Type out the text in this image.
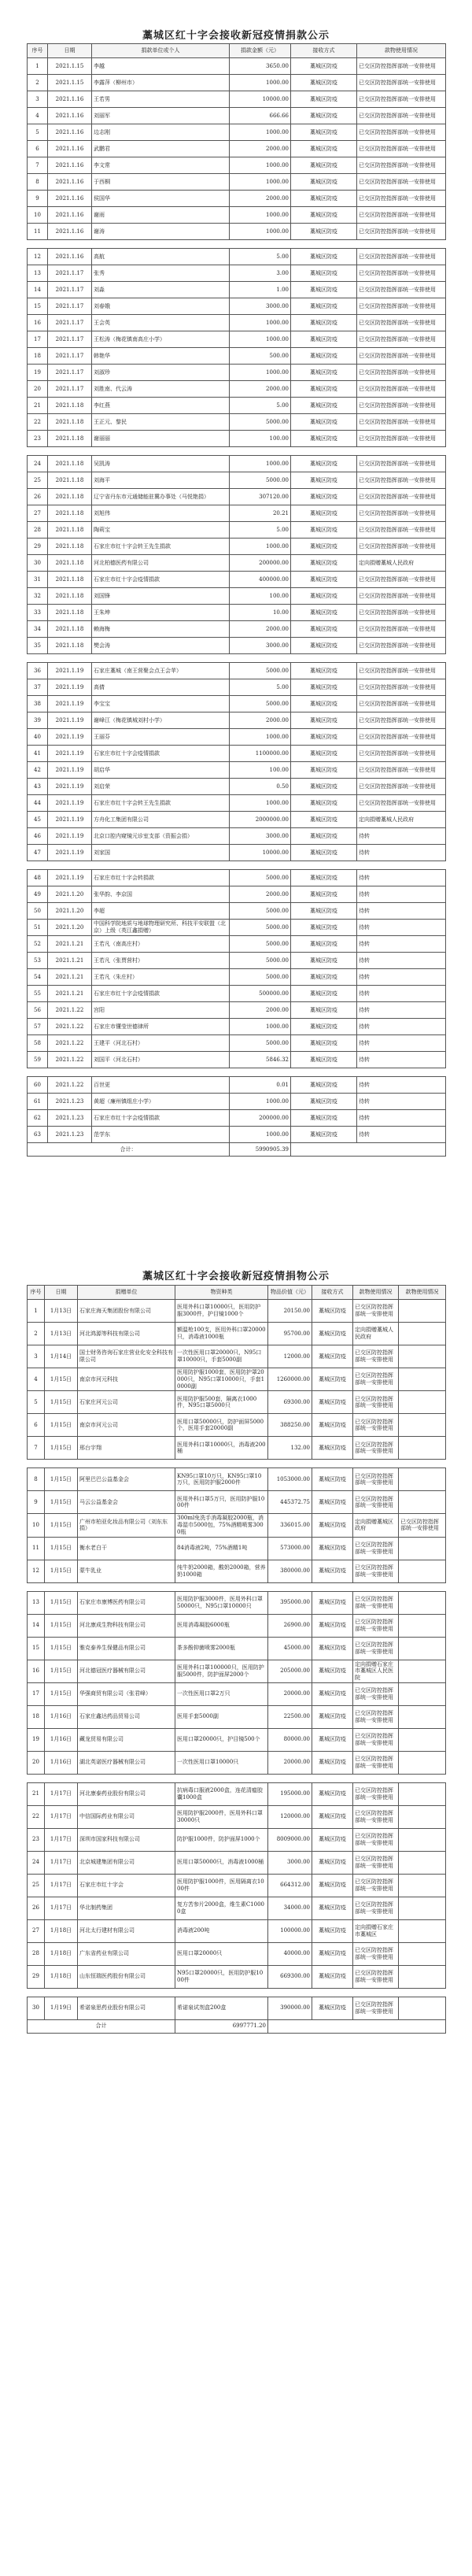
藁城区红十字会接收新冠疫情捐款公示
序号	日期	捐款单位或个人	捐款金额（元）	接收方式	款物使用情况
1	2021.1.15	李越	3650.00	藁城区防疫	已交区防控指挥部统一安排使用
2	2021.1.15	李露萍（柳州市）	1000.00	藁城区防疫	已交区防控指挥部统一安排使用
3	2021.1.16	王若男	10000.00	藁城区防疫	已交区防控指挥部统一安排使用
4	2021.1.16	刘丽军	666.66	藁城区防疫	已交区防控指挥部统一安排使用
5	2021.1.16	边志刚	1000.00	藁城区防疫	已交区防控指挥部统一安排使用
6	2021.1.16	武鹏君	2000.00	藁城区防疫	已交区防控指挥部统一安排使用
7	2021.1.16	李文常	1000.00	藁城区防疫	已交区防控指挥部统一安排使用
8	2021.1.16	于西桐	1000.00	藁城区防疫	已交区防控指挥部统一安排使用
9	2021.1.16	侯国华	2000.00	藁城区防疫	已交区防控指挥部统一安排使用
10	2021.1.16	谢雨	1000.00	藁城区防疫	已交区防控指挥部统一安排使用
11	2021.1.16	谢涛	1000.00	藁城区防疫	已交区防控指挥部统一安排使用

12	2021.1.16	高航	5.00	藁城区防疫	已交区防控指挥部统一安排使用
13	2021.1.17	张秀	3.00	藁城区防疫	已交区防控指挥部统一安排使用
14	2021.1.17	刘淼	1.00	藁城区防疫	已交区防控指挥部统一安排使用
15	2021.1.17	刘春娥	3000.00	藁城区防疫	已交区防控指挥部统一安排使用
16	2021.1.17	王会英	1000.00	藁城区防疫	已交区防控指挥部统一安排使用
17	2021.1.17	王松涛（梅花镇南高庄小学）	1000.00	藁城区防疫	已交区防控指挥部统一安排使用
18	2021.1.17	韩艳华	500.00	藁城区防疫	已交区防控指挥部统一安排使用
19	2021.1.17	刘淑珍	1000.00	藁城区防疫	已交区防控指挥部统一安排使用
20	2021.1.17	刘胜南、代云涛	2000.00	藁城区防疫	已交区防控指挥部统一安排使用
21	2021.1.18	李红燕	5.00	藁城区防疫	已交区防控指挥部统一安排使用
22	2021.1.18	王正元、黎民	5000.00	藁城区防疫	已交区防控指挥部统一安排使用
23	2021.1.18	谢丽丽	100.00	藁城区防疫	已交区防控指挥部统一安排使用

24	2021.1.18	吴凯涛	1000.00	藁城区防疫	已交区防控指挥部统一安排使用
25	2021.1.18	刘海平	5000.00	藁城区防疫	已交区防控指挥部统一安排使用
26	2021.1.18	辽宁省丹东市元通储能驻冀办事处（马悦艳捐）	307120.00	藁城区防疫	已交区防控指挥部统一安排使用
27	2021.1.18	刘旭伟	20.21	藁城区防疫	已交区防控指挥部统一安排使用
28	2021.1.18	陶莉宝	5.00	藁城区防疫	已交区防控指挥部统一安排使用
29	2021.1.18	石家庄市红十字会转王先生捐款	1000.00	藁城区防疫	已交区防控指挥部统一安排使用
30	2021.1.18	河北柏德医药有限公司	200000.00	藁城区防疫	定向捐赠藁城人民政府
31	2021.1.18	石家庄市红十字会疫情捐款	400000.00	藁城区防疫	已交区防控指挥部统一安排使用
32	2021.1.18	刘国锋	100.00	藁城区防疫	已交区防控指挥部统一安排使用
33	2021.1.18	王朱坤	10.00	藁城区防疫	已交区防控指挥部统一安排使用
34	2021.1.18	赖海梅	2000.00	藁城区防疫	已交区防控指挥部统一安排使用
35	2021.1.18	樊会涛	3000.00	藁城区防疫	已交区防控指挥部统一安排使用

36	2021.1.19	石家庄藁城（南王营聚会点王会苹）	5000.00	藁城区防疫	已交区防控指挥部统一安排使用
37	2021.1.19	高倩	5.00	藁城区防疫	已交区防控指挥部统一安排使用
38	2021.1.19	李宝宝	5000.00	藁城区防疫	已交区防控指挥部统一安排使用
39	2021.1.19	谢峰江（梅花镇城刘村小学）	2000.00	藁城区防疫	已交区防控指挥部统一安排使用
40	2021.1.19	王丽芬	1000.00	藁城区防疫	已交区防控指挥部统一安排使用
41	2021.1.19	石家庄市红十字会疫情捐款	1100000.00	藁城区防疫	已交区防控指挥部统一安排使用
42	2021.1.19	胡启华	100.00	藁城区防疫	已交区防控指挥部统一安排使用
43	2021.1.19	刘启荣	0.50	藁城区防疫	已交区防控指挥部统一安排使用
44	2021.1.19	石家庄市红十字会转王先生捐款	1000.00	藁城区防疫	已交区防控指挥部统一安排使用
45	2021.1.19	方舟化工集团有限公司	2000000.00	藁城区防疫	定向捐赠藁城人民政府
46	2021.1.19	北京口腔内窥镜元诊室支部（资振会捐）	3000.00	藁城区防疫	待转
47	2021.1.19	刘家国	10000.00	藁城区防疫	待转

48	2021.1.19	石家庄市红十字会转捐款	5000.00	藁城区防疫	待转
49	2021.1.20	张华韵、李京国	2000.00	藁城区防疫	待转
50	2021.1.20	李超	5000.00	藁城区防疫	待转
51	2021.1.20	中国科学院地质与地球物理研究所、科技平安联盟（北京）上级（英江鑫捐赠）	5000.00	藁城区防疫	待转
52	2021.1.21	王若凡（南高庄村）	5000.00	藁城区防疫	待转
53	2021.1.21	王若凡（张贾营村）	5000.00	藁城区防疫	待转
54	2021.1.21	王若凡（朱庄村）	5000.00	藁城区防疫	待转
55	2021.1.21	石家庄市红十字会疫情捐款	500000.00	藁城区防疫	待转
56	2021.1.22	宫阳	2000.00	藁城区防疫	待转
57	2021.1.22	石家庄市懂莹世德律所	1000.00	藁城区防疫	待转
58	2021.1.22	王建平（河北石村）	5000.00	藁城区防疫	待转
59	2021.1.22	刘国平（河北石村）	5846.32	藁城区防疫	待转

60	2021.1.22	百世更	0.01	藁城区防疫	待转
61	2021.1.23	黄超（廉州镇组庄小学）	1000.00	藁城区防疫	待转
62	2021.1.23	石家庄市红十字会疫情捐款	200000.00	藁城区防疫	待转
63	2021.1.23	范学东	1000.00	藁城区防疫	待转
合计：			5990905.39		
藁城区红十字会接收新冠疫情捐物公示
序号	日期	捐赠单位	物资种类	物品价值（元）	接收方式	款物使用情况	款物使用情况
1	1月13日	石家庄海天集团股份有限公司	医用外科口罩10000只，医用防护服3000件，护目镜1000个	20150.00	藁城区防疫	已交区防控指挥部统一安排使用	
2	1月13日	河北鸿源等科技有限公司	额温枪100支，医用外科口罩20000只，消毒液1000瓶	95700.00	藁城区防疫	定向捐赠藁城人民政府	
3	1月14日	国士财务咨询石家庄营业化安全科技有限公司	一次性医用口罩20000只，N95口罩10000只，手套5000副	12000.00	藁城区防疫	已交区防控指挥部统一安排使用	
4	1月15日	南京市河元科技	医用防护服1000套，医用防护罩20000只，N95口罩10000只，手套10000副	1260000.00	藁城区防疫	已交区防控指挥部统一安排使用	
5	1月15日	石家庄河元公司	医用防护服500套，隔离衣1000件，N95口罩5000只	69300.00	藁城区防疫	已交区防控指挥部统一安排使用	
6	1月15日	南京市河元公司	医用口罩50000只，防护面屏5000个，医用手套20000副	388250.00	藁城区防疫	已交区防控指挥部统一安排使用	
7	1月15日	邢台宇翔	医用外科口罩10000只，消毒液200桶	132.00	藁城区防疫	已交区防控指挥部统一安排使用	

8	1月15日	阿里巴巴公益基金会	KN95口罩10万只，KN95口罩10万只，医用防护服2000件	1053000.00	藁城区防疫	已交区防控指挥部统一安排使用	
9	1月15日	马云公益基金会	医用外科口罩5万只，医用防护服1000件	445372.75	藁城区防疫	已交区防控指挥部统一安排使用	
10	1月15日	广州市柏亚化妆品有限公司（刘东东捐）	300ml免洗手消毒凝胶2000瓶，消毒湿巾5000包，75%酒精喷雾3000瓶	336015.00	藁城区防疫	定向捐赠藁城区政府	已交区防控指挥部统一安排使用
11	1月15日	衡水老白干	84消毒液2吨，75%酒精1吨	573000.00	藁城区防疫	已交区防控指挥部统一安排使用	
12	1月15日	蒙牛乳业	纯牛奶2000箱，酸奶2000箱，营养奶1000箱	380000.00	藁城区防疫	已交区防控指挥部统一安排使用	

13	1月15日	石家庄市康博医药有限公司	医用防护服3000件，医用外科口罩50000只，N95口罩10000只	395000.00	藁城区防疫	已交区防控指挥部统一安排使用	
14	1月15日	河北康成生物科技有限公司	医用消毒凝胶6000瓶	26900.00	藁城区防疫	已交区防控指挥部统一安排使用	
15	1月15日	雅克泰养生保健品有限公司	茶多酚抑菌喷雾2000瓶	45000.00	藁城区防疫	已交区防控指挥部统一安排使用	
16	1月15日	河北德冠医疗器械有限公司	医用外科口罩100000只，医用防护服5000件，防护面屏2000个	205000.00	藁城区防疫	定向捐赠石家庄市藁城区人民医院	
17	1月15日	华强商贸有限公司（张君峰）	一次性医用口罩2万只	20000.00	藁城区防疫	已交区防控指挥部统一安排使用	
18	1月16日	石家庄鑫达药品贸易公司	医用手套5000副	22500.00	藁城区防疫	已交区防控指挥部统一安排使用	
19	1月16日	藏龙贸易有限公司	医用口罩20000只，护目镜500个	80000.00	藁城区防疫	已交区防控指挥部统一安排使用	
20	1月16日	湖北英诺医疗器械有限公司	一次性医用口罩10000只	20000.00	藁城区防疫	已交区防控指挥部统一安排使用	

21	1月17日	河北康泰药业股份有限公司	抗病毒口服液2000盒，连花清瘟胶囊1000盒	195000.00	藁城区防疫	已交区防控指挥部统一安排使用	
22	1月17日	中信国际药业有限公司	医用防护服2000件，医用外科口罩30000只	120000.00	藁城区防疫	已交区防控指挥部统一安排使用	
23	1月17日	深圳市国家科技有限公司	防护服1000件，防护面屏1000个	8009000.00	藁城区防疫	已交区防控指挥部统一安排使用	
24	1月17日	北京城建集团有限公司	医用口罩50000只，消毒液1000桶	3000.00	藁城区防疫	已交区防控指挥部统一安排使用	
25	1月17日	石家庄市红十字会	医用防护服1000件，医用隔离衣1000件	664312.00	藁城区防疫	已交区防控指挥部统一安排使用	
26	1月17日	华北制药集团	复方苦参片2000盒，维生素C10000盒	34000.00	藁城区防疫	已交区防控指挥部统一安排使用	
27	1月18日	河北太行建材有限公司	消毒液200吨	100000.00	藁城区防疫	定向捐赠石家庄市藁城区	
28	1月18日	广东省药业有限公司	医用口罩20000只	40000.00	藁城区防疫	已交区防控指挥部统一安排使用	
29	1月18日	山东恒瑞医药股份有限公司	N95口罩20000只，医用防护服1000件	669300.00	藁城区防疫	已交区防控指挥部统一安排使用	

30	1月19日	希诺泉思药业股份有限公司	希诺泉试剂盒200盒	390000.00	藁城区防疫	已交区防控指挥部统一安排使用	
合计			6997771.20				
